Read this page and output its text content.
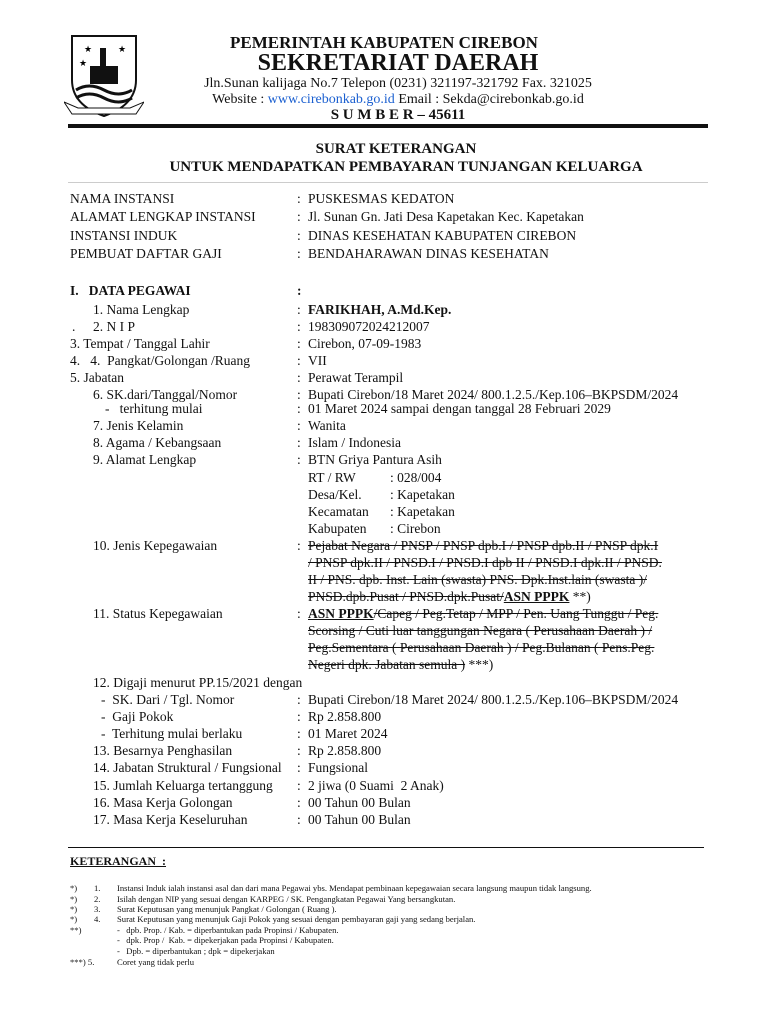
★	★
★
PEMERINTAH KABUPATEN CIREBON
SEKRETARIAT DAERAH
Jln.Sunan kalijaga No.7 Telepon (0231) 321197-321792 Fax. 321025
Website : www.cirebonkab.go.id Email : Sekda@cirebonkab.go.id
S U M B E R – 45611
SURAT KETERANGAN
UNTUK MENDAPATKAN PEMBAYARAN TUNJANGAN KELUARGA
NAMA INSTANSI	: PUSKESMAS KEDATON
ALAMAT LENGKAP INSTANSI	: Jl. Sunan Gn. Jati Desa Kapetakan Kec. Kapetakan
INSTANSI INDUK	: DINAS KESEHATAN KABUPATEN CIREBON
PEMBUAT DAFTAR GAJI	: BENDAHARAWAN DINAS KESEHATAN
I.   DATA PEGAWAI	:
1. Nama Lengkap	: FARIKHAH, A.Md.Kep.
. 2. N I P	: 198309072024212007
3. Tempat / Tanggal Lahir	: Cirebon, 07-09-1983
4.   4.  Pangkat/Golongan /Ruang	: VII
5. Jabatan	: Perawat Terampil
6. SK.dari/Tanggal/Nomor	: Bupati Cirebon/18 Maret 2024/ 800.1.2.5./Kep.106–BKPSDM/2024
-   terhitung mulai	: 01 Maret 2024 sampai dengan tanggal 28 Februari 2029
7. Jenis Kelamin	: Wanita
8. Agama / Kebangsaan	: Islam / Indonesia
9. Alamat Lengkap	: BTN Griya Pantura Asih
RT / RW	: 028/004
Desa/Kel. : Kapetakan
Kecamatan : Kapetakan
Kabupaten : Cirebon
10. Jenis Kepegawaian	: Pejabat Negara / PNSP / PNSP dpb.I / PNSP dpb.II / PNSP dpk.I
/ PNSP dpk.II / PNSD.I / PNSD.I dpb II / PNSD.I dpk.II / PNSD.
II / PNS. dpb. Inst. Lain (swasta) PNS. Dpk.Inst.lain (swasta )/
PNSD.dpb.Pusat / PNSD.dpk.Pusat/ASN PPPK **)
11. Status Kepegawaian	: ASN PPPK/Capeg / Peg.Tetap / MPP / Pen. Uang Tunggu / Peg.
Scorsing / Cuti luar tanggungan Negara ( Perusahaan Daerah ) /
Peg.Sementara ( Perusahaan Daerah ) / Peg.Bulanan ( Pens.Peg.
Negeri dpk. Jabatan semula ) ***)
12. Digaji menurut PP.15/2021 dengan
-  SK. Dari / Tgl. Nomor	: Bupati Cirebon/18 Maret 2024/ 800.1.2.5./Kep.106–BKPSDM/2024
-  Gaji Pokok	: Rp 2.858.800
-  Terhitung mulai berlaku	: 01 Maret 2024
13. Besarnya Penghasilan	: Rp 2.858.800
14. Jabatan Struktural / Fungsional : Fungsional
15. Jumlah Keluarga tertanggung : 2 jiwa (0 Suami  2 Anak)
16. Masa Kerja Golongan	: 00 Tahun 00 Bulan
17. Masa Kerja Keseluruhan	: 00 Tahun 00 Bulan
KETERANGAN  :
*) 1. Instansi Induk ialah instansi asal dan dari mana Pegawai ybs. Mendapat pembinaan kepegawaian secara langsung maupun tidak langsung.
*) 2. Isilah dengan NIP yang sesuai dengan KARPEG / SK. Pengangkatan Pegawai Yang bersangkutan.
*) 3. Surat Keputusan yang menunjuk Pangkat / Golongan ( Ruang ).
*) 4. Surat Keputusan yang menunjuk Gaji Pokok yang sesuai dengan pembayaran gaji yang sedang berjalan.
**)	-   dpb. Prop. / Kab. = diperbantukan pada Propinsi / Kabupaten.
-   dpk. Prop /  Kab. = dipekerjakan pada Propinsi / Kabupaten.
-   Dpb. = diperbantukan ; dpk = dipekerjakan
***) 5.	Coret yang tidak perlu
